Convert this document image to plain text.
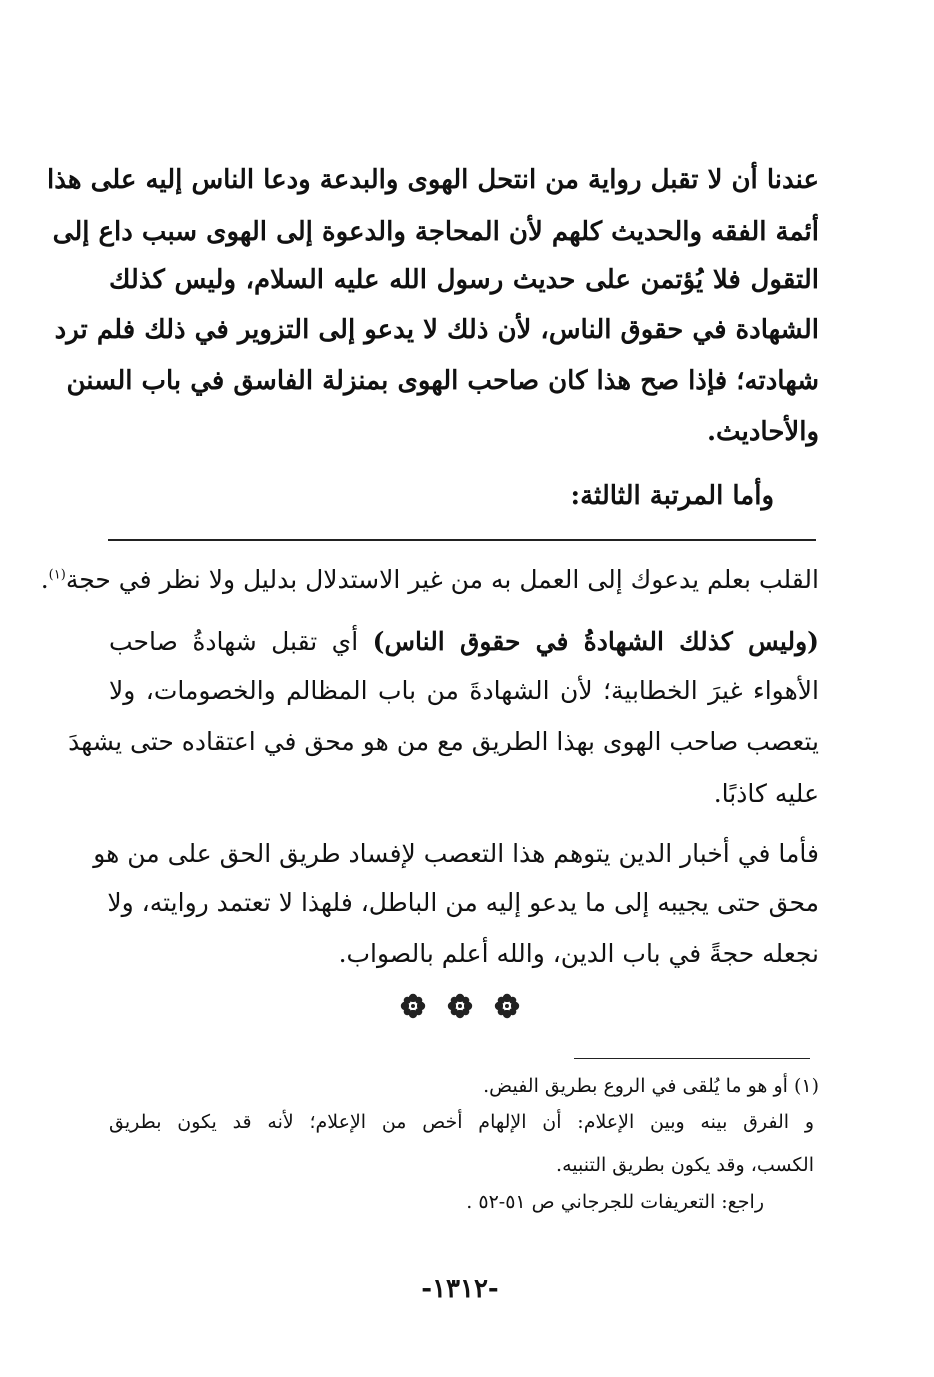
عندنا أن لا تقبل رواية من انتحل الهوى والبدعة ودعا الناس إليه على هذا
أئمة الفقه والحديث كلهم لأن المحاجة والدعوة إلى الهوى سبب داع إلى
التقول فلا يُؤتمن على حديث رسول الله عليه السلام، وليس كذلك
الشهادة في حقوق الناس، لأن ذلك لا يدعو إلى التزوير في ذلك فلم ترد
شهادته؛ فإذا صح هذا كان صاحب الهوى بمنزلة الفاسق في باب السنن
والأحاديث.
وأما المرتبة الثالثة:
القلب بعلم يدعوك إلى العمل به من غير الاستدلال بدليل ولا نظر في حجة$^{(١)}$.
(وليس كذلك الشهادةُ في حقوق الناس) أي تقبل شهادةُ صاحب
الأهواء غيرَ الخطابية؛ لأن الشهادةَ من باب المظالم والخصومات، ولا
يتعصب صاحب الهوى بهذا الطريق مع من هو محق في اعتقاده حتى يشهدَ
عليه كاذبًا.
فأما في أخبار الدين يتوهم هذا التعصب لإفساد طريق الحق على من هو
محق حتى يجيبه إلى ما يدعو إليه من الباطل، فلهذا لا تعتمد روايته، ولا
نجعله حجةً في باب الدين، والله أعلم بالصواب.
(١) أو هو ما يُلقى في الروع بطريق الفيض.
و الفرق بينه وبين الإعلام: أن الإلهام أخص من الإعلام؛ لأنه قد يكون بطريق
الكسب، وقد يكون بطريق التنبيه.
راجع: التعريفات للجرجاني ص ٥١-٥٢ .
-١٣١٢-
